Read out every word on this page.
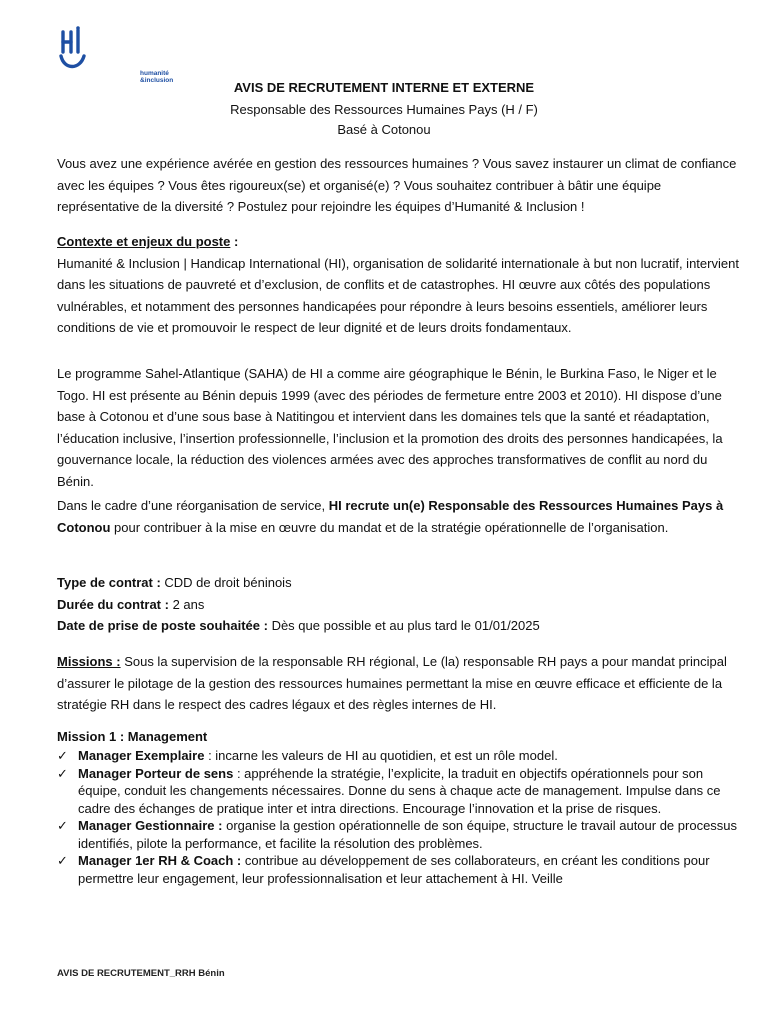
humanité
&inclusion	AVIS DE RECRUTEMENT INTERNE ET EXTERNE
Responsable des Ressources Humaines Pays (H / F)
Basé à Cotonou

Vous avez une expérience avérée en gestion des ressources humaines ? Vous savez instaurer un climat de confiance avec les équipes ? Vous êtes rigoureux(se) et organisé(e) ? Vous souhaitez contribuer à bâtir une équipe représentative de la diversité ? Postulez pour rejoindre les équipes d’Humanité & Inclusion !

Contexte et enjeux du poste :

Humanité & Inclusion | Handicap International (HI), organisation de solidarité internationale à but non lucratif, intervient dans les situations de pauvreté et d’exclusion, de conflits et de catastrophes. HI œuvre aux côtés des populations vulnérables, et notamment des personnes handicapées pour répondre à leurs besoins essentiels, améliorer leurs conditions de vie et promouvoir le respect de leur dignité et de leurs droits fondamentaux.

Le programme Sahel-Atlantique (SAHA) de HI a comme aire géographique le Bénin, le Burkina Faso, le Niger et le Togo. HI est présente au Bénin depuis 1999 (avec des périodes de fermeture entre 2003 et 2010). HI dispose d’une base à Cotonou et d’une sous base à Natitingou et intervient dans les domaines tels que la santé et réadaptation, l’éducation inclusive, l’insertion professionnelle, l’inclusion et la promotion des droits des personnes handicapées, la gouvernance locale, la réduction des violences armées avec des approches transformatives de conflit au nord du Bénin.

Dans le cadre d’une réorganisation de service, HI recrute un(e) Responsable des Ressources Humaines Pays à Cotonou pour contribuer à la mise en œuvre du mandat et de la stratégie opérationnelle de l’organisation.

Type de contrat : CDD de droit béninois

Durée du contrat : 2 ans

Date de prise de poste souhaitée : Dès que possible et au plus tard le 01/01/2025

Missions : Sous la supervision de la responsable RH régional, Le (la) responsable RH pays a pour mandat principal d’assurer le pilotage de la gestion des ressources humaines permettant la mise en œuvre efficace et efficiente de la stratégie RH dans le respect des cadres légaux et des règles internes de HI.

Mission 1 : Management

✓ Manager Exemplaire : incarne les valeurs de HI au quotidien, et est un rôle model.
✓ Manager Porteur de sens : appréhende la stratégie, l’explicite, la traduit en objectifs opérationnels pour son équipe, conduit les changements nécessaires. Donne du sens à chaque acte de management. Impulse dans ce cadre des échanges de pratique inter et intra directions. Encourage l’innovation et la prise de risques.
✓ Manager Gestionnaire : organise la gestion opérationnelle de son équipe, structure le travail autour de processus identifiés, pilote la performance, et facilite la résolution des problèmes.
✓ Manager 1er RH & Coach : contribue au développement de ses collaborateurs, en créant les conditions pour permettre leur engagement, leur professionnalisation et leur attachement à HI. Veille
AVIS DE RECRUTEMENT_RRH Bénin
